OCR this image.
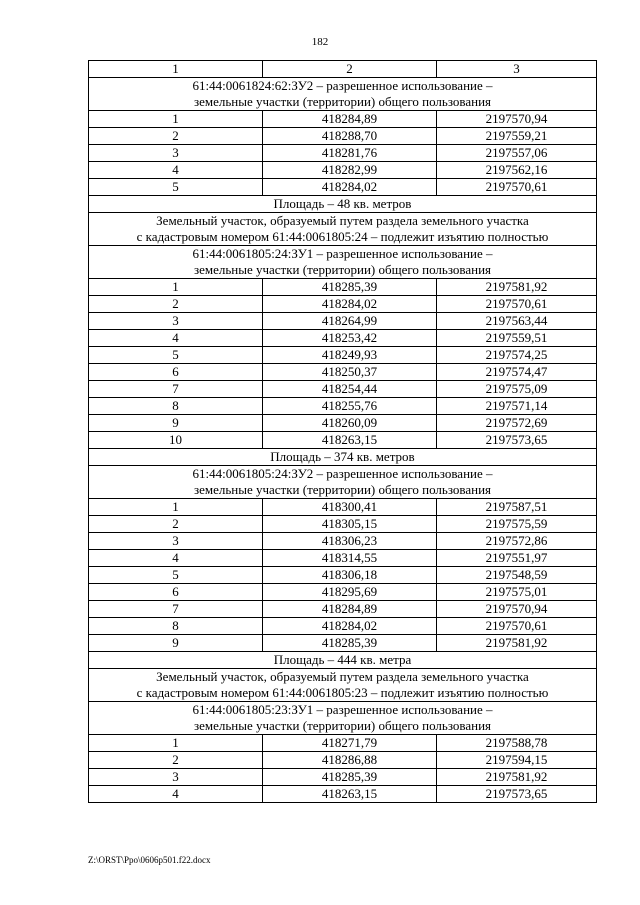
182
1	2	3

61:44:0061824:62:ЗУ2 – разрешенное использование –
земельные участки (территории) общего пользования		

1	418284,89	2197570,94
2	418288,70	2197559,21
3	418281,76	2197557,06
4	418282,99	2197562,16
5	418284,02	2197570,61
Площадь – 48 кв. метров		

Земельный участок, образуемый путем раздела земельного участка
с кадастровым номером 61:44:0061805:24 – подлежит изъятию полностью		

61:44:0061805:24:ЗУ1 – разрешенное использование –
земельные участки (территории) общего пользования		

1	418285,39	2197581,92
2	418284,02	2197570,61
3	418264,99	2197563,44
4	418253,42	2197559,51
5	418249,93	2197574,25
6	418250,37	2197574,47
7	418254,44	2197575,09
8	418255,76	2197571,14
9	418260,09	2197572,69
10	418263,15	2197573,65
Площадь – 374 кв. метров		

61:44:0061805:24:ЗУ2 – разрешенное использование –
земельные участки (территории) общего пользования		

1	418300,41	2197587,51
2	418305,15	2197575,59
3	418306,23	2197572,86
4	418314,55	2197551,97
5	418306,18	2197548,59
6	418295,69	2197575,01
7	418284,89	2197570,94
8	418284,02	2197570,61
9	418285,39	2197581,92
Площадь – 444 кв. метра		

Земельный участок, образуемый путем раздела земельного участка
с кадастровым номером 61:44:0061805:23 – подлежит изъятию полностью		

61:44:0061805:23:ЗУ1 – разрешенное использование –
земельные участки (территории) общего пользования		

1	418271,79	2197588,78
2	418286,88	2197594,15
3	418285,39	2197581,92
4	418263,15	2197573,65
Z:\ORST\Ppo\0606p501.f22.docx
